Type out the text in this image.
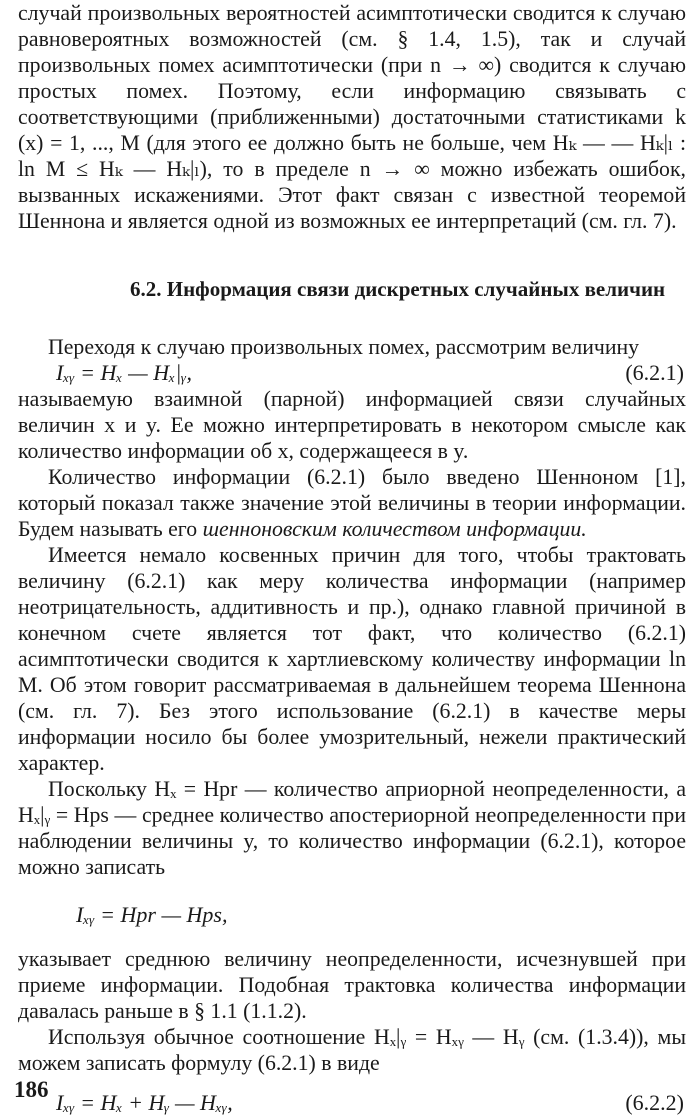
случай произвольных вероятностей асимптотически сводится к случаю равновероятных возможностей (см. § 1.4, 1.5), так и случай произвольных помех асимптотически (при n → ∞) сводится к случаю простых помех. Поэтому, если информацию связывать с соответствующими (приближенными) достаточными статистиками k (x) = 1, ..., M (для этого ее должно быть не больше, чем Hₖ — — Hₖ|ₗ : ln M ≤ Hₖ — Hₖ|ₗ), то в пределе n → ∞ можно избежать ошибок, вызванных искажениями. Этот факт связан с известной теоремой Шеннона и является одной из возможных ее интерпретаций (см. гл. 7).

6.2. Информация связи дискретных случайных величин

Переходя к случаю произвольных помех, рассмотрим величину

Iₓᵧ = Hₓ — Hₓ|ᵧ,	(6.2.1)

называемую взаимной (парной) информацией связи случайных величин x и y. Ее можно интерпретировать в некотором смысле как количество информации об x, содержащееся в y.

Количество информации (6.2.1) было введено Шенноном [1], который показал также значение этой величины в теории информации. Будем называть его шенноновским количеством информации.

Имеется немало косвенных причин для того, чтобы трактовать величину (6.2.1) как меру количества информации (например неотрицательность, аддитивность и пр.), однако главной причиной в конечном счете является тот факт, что количество (6.2.1) асимптотически сводится к хартлиевскому количеству информации ln M. Об этом говорит рассматриваемая в дальнейшем теорема Шеннона (см. гл. 7). Без этого использование (6.2.1) в качестве меры информации носило бы более умозрительный, нежели практический характер.

Поскольку Hₓ = Hpr — количество априорной неопределенности, а Hₓ|ᵧ = Hps — среднее количество апостериорной неопределенности при наблюдении величины y, то количество информации (6.2.1), которое можно записать

Iₓᵧ = Hpr — Hps,

указывает среднюю величину неопределенности, исчезнувшей при приеме информации. Подобная трактовка количества информации давалась раньше в § 1.1 (1.1.2).

Используя обычное соотношение Hₓ|ᵧ = Hₓᵧ — Hᵧ (см. (1.3.4)), мы можем записать формулу (6.2.1) в виде

Iₓᵧ = Hₓ + Hᵧ — Hₓᵧ,	(6.2.2)
186
